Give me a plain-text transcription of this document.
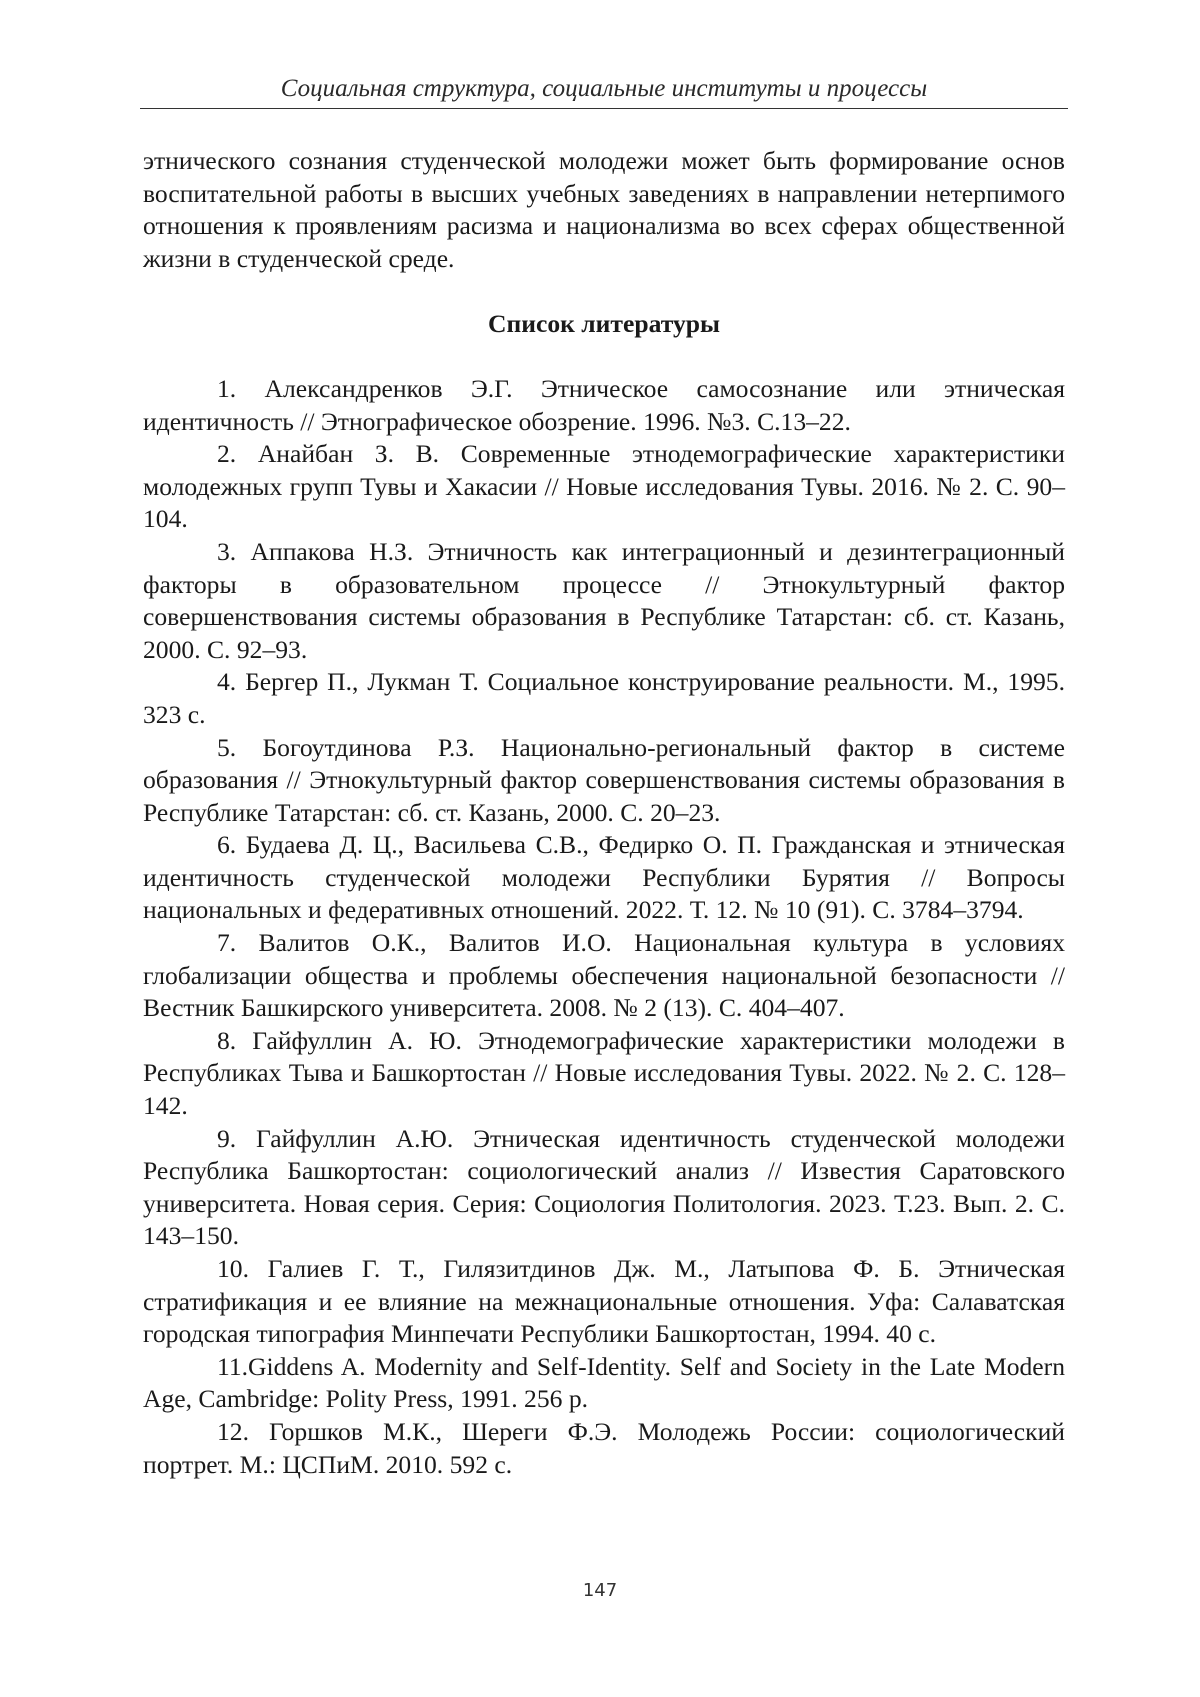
Социальная структура, социальные институты и процессы

этнического сознания студенческой молодежи может быть формирование основ воспитательной работы в высших учебных заведениях в направлении нетерпимого отношения к проявлениям расизма и национализма во всех сферах общественной жизни в студенческой среде.

Список литературы

1. Александренков Э.Г. Этническое самосознание или этническая идентичность // Этнографическое обозрение. 1996. №3. С.13–22.

2. Анайбан З. В. Современные этнодемографические характеристики молодежных групп Тувы и Хакасии // Новые исследования Тувы. 2016. № 2. С. 90–104.

3. Аппакова Н.З. Этничность как интеграционный и дезинтеграционный факторы в образовательном процессе // Этнокультурный фактор совершенствования системы образования в Республике Татарстан: сб. ст. Казань, 2000. С. 92–93.

4. Бергер П., Лукман Т. Социальное конструирование реальности. М., 1995. 323 с.

5. Богоутдинова Р.З. Национально-региональный фактор в системе образования // Этнокультурный фактор совершенствования системы образования в Республике Татарстан: сб. ст. Казань, 2000. С. 20–23.

6. Будаева Д. Ц., Васильева С.В., Федирко О. П. Гражданская и этническая идентичность студенческой молодежи Республики Бурятия // Вопросы национальных и федеративных отношений. 2022. Т. 12. № 10 (91). С. 3784–3794.

7. Валитов О.К., Валитов И.О. Национальная культура в условиях глобализации общества и проблемы обеспечения национальной безопасности // Вестник Башкирского университета. 2008. № 2 (13). С. 404–407.

8. Гайфуллин А. Ю. Этнодемографические характеристики молодежи в Республиках Тыва и Башкортостан // Новые исследования Тувы. 2022. № 2. С. 128–142.

9. Гайфуллин А.Ю. Этническая идентичность студенческой молодежи Республика Башкортостан: социологический анализ // Известия Саратовского университета. Новая серия. Серия: Социология Политология. 2023. Т.23. Вып. 2. С. 143–150.

10. Галиев Г. Т., Гилязитдинов Дж. М., Латыпова Ф. Б. Этническая стратификация и ее влияние на межнациональные отношения. Уфа: Салаватская городская типография Минпечати Республики Башкортостан, 1994. 40 с.

11.Giddens A. Modernity and Self-Identity. Self and Society in the Late Modern Age, Cambridge: Polity Press, 1991. 256 p.

12. Горшков М.К., Шереги Ф.Э. Молодежь России: социологический портрет. М.: ЦСПиМ. 2010. 592 с.

147
